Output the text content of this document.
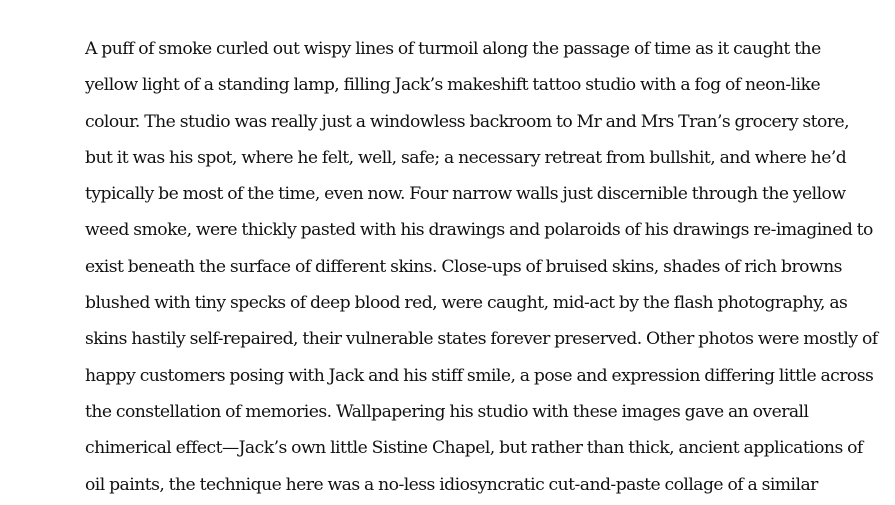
A puff of smoke curled out wispy lines of turmoil along the passage of time as it caught the
yellow light of a standing lamp, filling Jack’s makeshift tattoo studio with a fog of neon-like
colour. The studio was really just a windowless backroom to Mr and Mrs Tran’s grocery store,
but it was his spot, where he felt, well, safe; a necessary retreat from bullshit, and where he’d
typically be most of the time, even now. Four narrow walls just discernible through the yellow
weed smoke, were thickly pasted with his drawings and polaroids of his drawings re-imagined to
exist beneath the surface of different skins. Close-ups of bruised skins, shades of rich browns
blushed with tiny specks of deep blood red, were caught, mid-act by the flash photography, as
skins hastily self-repaired, their vulnerable states forever preserved. Other photos were mostly of
happy customers posing with Jack and his stiff smile, a pose and expression differing little across
the constellation of memories. Wallpapering his studio with these images gave an overall
chimerical effect—Jack’s own little Sistine Chapel, but rather than thick, ancient applications of
oil paints, the technique here was a no-less idiosyncratic cut-and-paste collage of a similar
